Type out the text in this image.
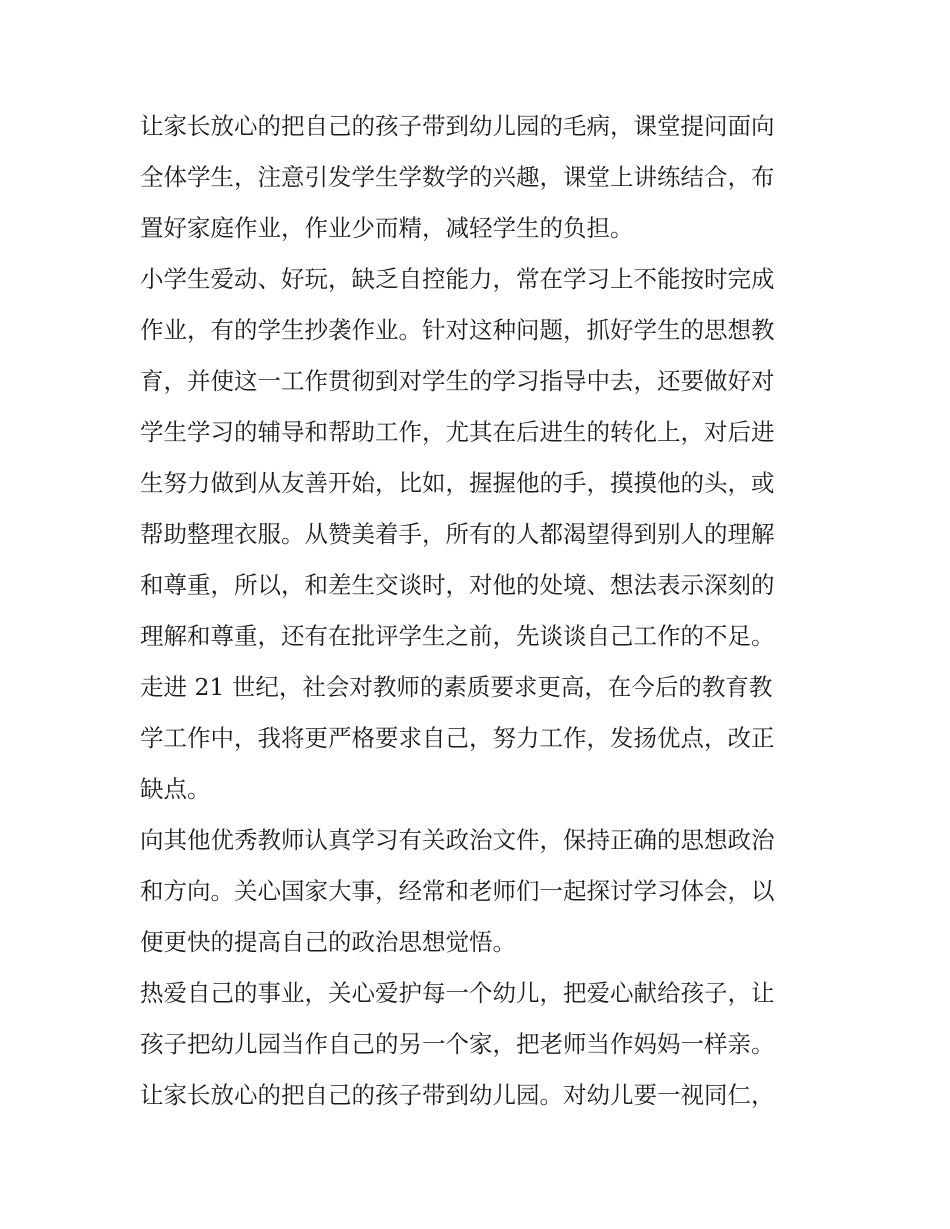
让家长放心的把自己的孩子带到幼儿园的毛病，课堂提问面向
全体学生，注意引发学生学数学的兴趣，课堂上讲练结合，布
置好家庭作业，作业少而精，减轻学生的负担。
小学生爱动、好玩，缺乏自控能力，常在学习上不能按时完成
作业，有的学生抄袭作业。针对这种问题，抓好学生的思想教
育，并使这一工作贯彻到对学生的学习指导中去，还要做好对
学生学习的辅导和帮助工作，尤其在后进生的转化上，对后进
生努力做到从友善开始，比如，握握他的手，摸摸他的头，或
帮助整理衣服。从赞美着手，所有的人都渴望得到别人的理解
和尊重，所以，和差生交谈时，对他的处境、想法表示深刻的
理解和尊重，还有在批评学生之前，先谈谈自己工作的不足。
走进 21 世纪，社会对教师的素质要求更高，在今后的教育教
学工作中，我将更严格要求自己，努力工作，发扬优点，改正
缺点。
向其他优秀教师认真学习有关政治文件，保持正确的思想政治
和方向。关心国家大事，经常和老师们一起探讨学习体会，以
便更快的提高自己的政治思想觉悟。
热爱自己的事业，关心爱护每一个幼儿，把爱心献给孩子，让
孩子把幼儿园当作自己的另一个家，把老师当作妈妈一样亲。
让家长放心的把自己的孩子带到幼儿园。对幼儿要一视同仁，
